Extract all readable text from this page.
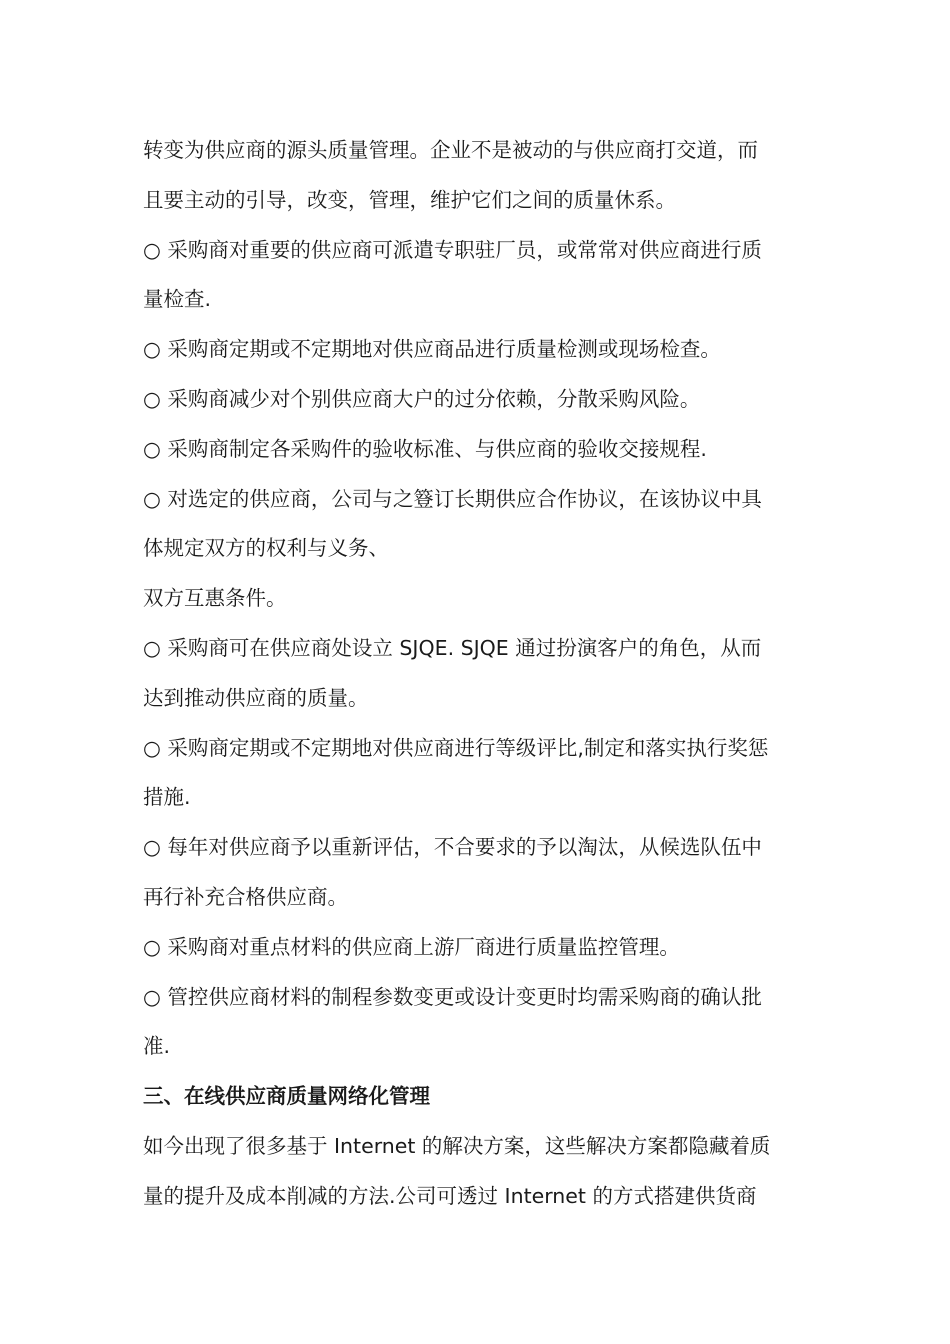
转变为供应商的源头质量管理。企业不是被动的与供应商打交道，而
且要主动的引导，改变，管理，维护它们之间的质量休系。
○ 采购商对重要的供应商可派遣专职驻厂员，或常常对供应商进行质
量检查.
○ 采购商定期或不定期地对供应商品进行质量检测或现场检查。
○ 采购商减少对个别供应商大户的过分依赖，分散采购风险。
○ 采购商制定各采购件的验收标准、与供应商的验收交接规程.
○ 对选定的供应商，公司与之簦订长期供应合作协议，在该协议中具
体规定双方的权利与义务、
双方互惠条件。
○ 采购商可在供应商处设立 SJQE. SJQE 通过扮演客户的角色，从而
达到推动供应商的质量。
○ 采购商定期或不定期地对供应商进行等级评比,制定和落实执行奖惩
措施.
○ 每年对供应商予以重新评估，不合要求的予以淘汰，从候选队伍中
再行补充合格供应商。
○ 采购商对重点材料的供应商上游厂商进行质量监控管理。
○ 管控供应商材料的制程参数变更或设计变更时均需采购商的确认批
准.
三、在线供应商质量网络化管理
如今出现了很多基于 Internet 的解决方案，这些解决方案都隐藏着质
量的提升及成本削减的方法.公司可透过 Internet 的方式搭建供货商
